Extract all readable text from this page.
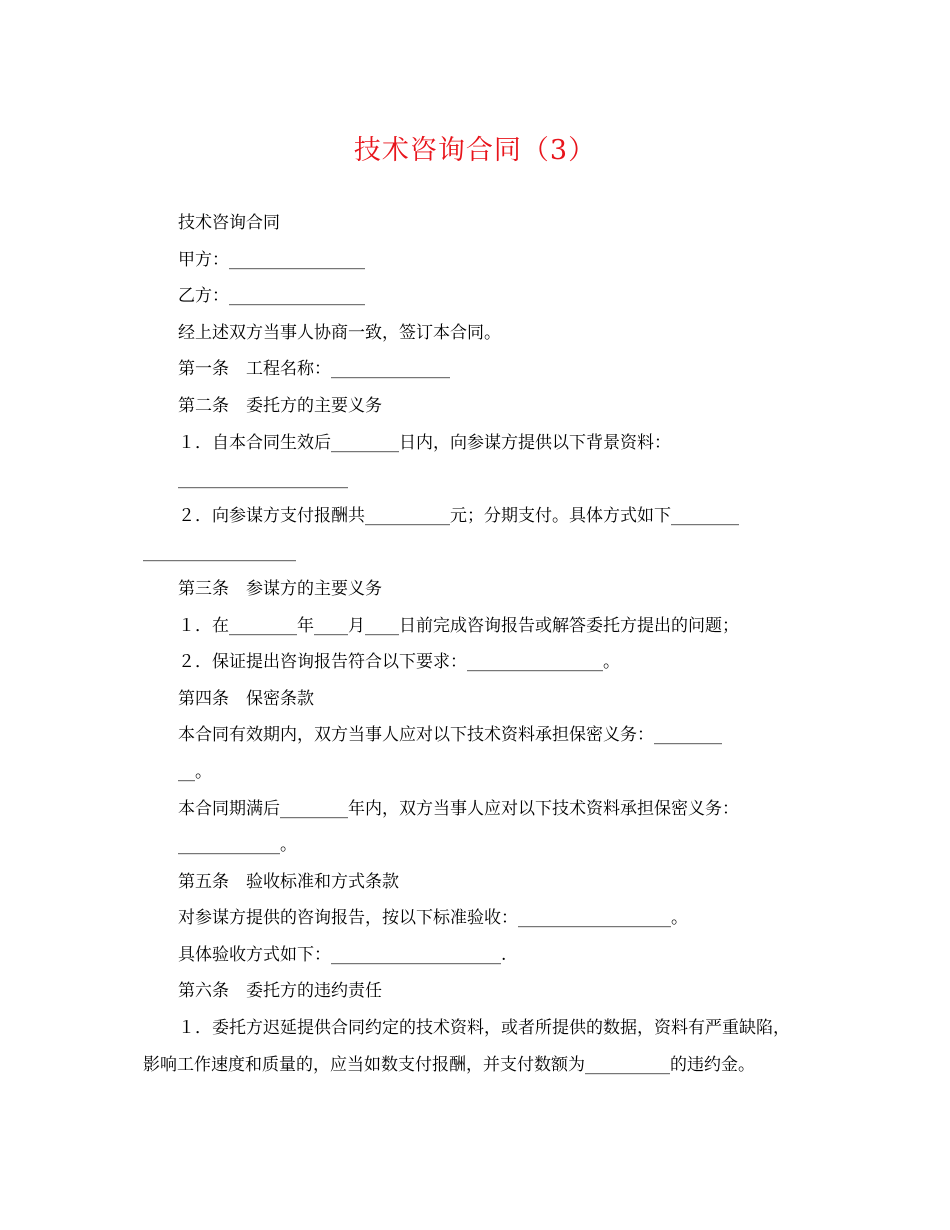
技术咨询合同（3）

技术咨询合同

甲方：________________

乙方：________________

经上述双方当事人协商一致，签订本合同。

第一条　工程名称：______________

第二条　委托方的主要义务

１．自本合同生效后________日内，向参谋方提供以下背景资料：

____________________

２．向参谋方支付报酬共__________元；分期支付。具体方式如下________

__________________

第三条　参谋方的主要义务

１．在________年____月____日前完成咨询报告或解答委托方提出的问题；

２．保证提出咨询报告符合以下要求：________________。

第四条　保密条款

本合同有效期内，双方当事人应对以下技术资料承担保密义务：________

__。

本合同期满后________年内，双方当事人应对以下技术资料承担保密义务：

____________。

第五条　验收标准和方式条款

对参谋方提供的咨询报告，按以下标准验收：__________________。

具体验收方式如下：____________________.

第六条　委托方的违约责任

１．委托方迟延提供合同约定的技术资料，或者所提供的数据，资料有严重缺陷，影响工作速度和质量的，应当如数支付报酬，并支付数额为__________的违约金。
